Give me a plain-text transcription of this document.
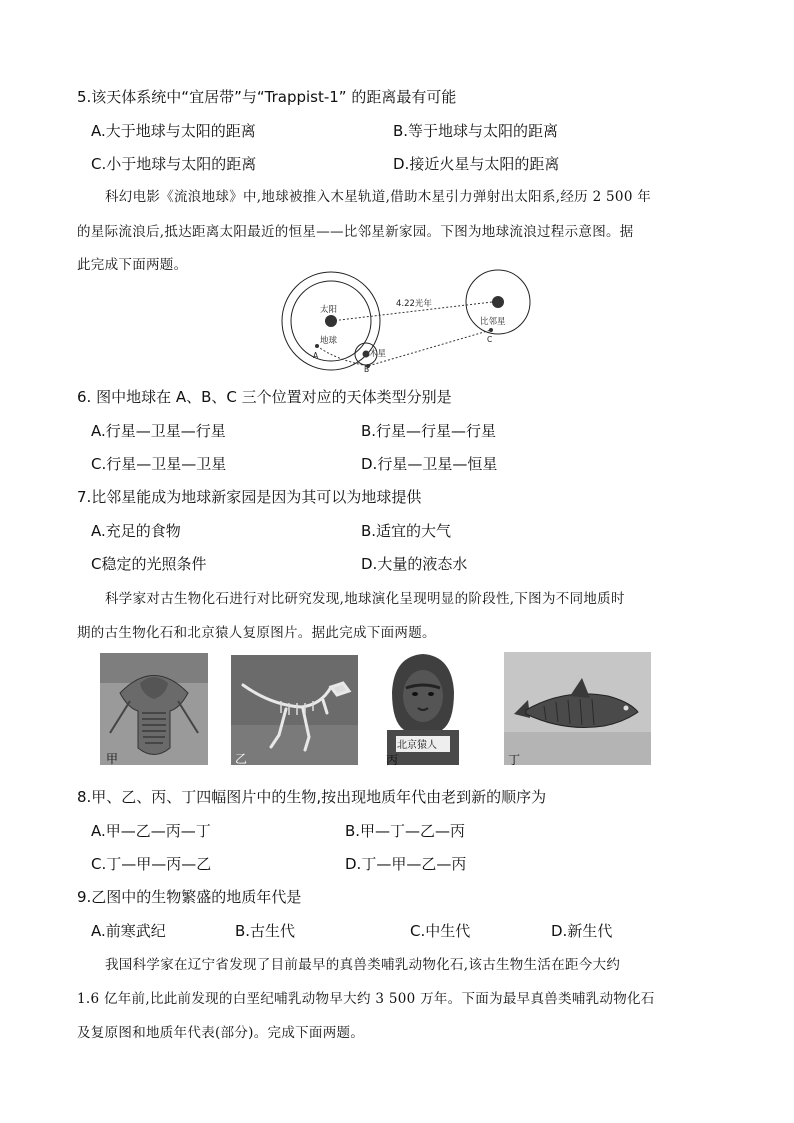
5.该天体系统中“宜居带”与“Trappist-1” 的距离最有可能
A.大于地球与太阳的距离	B.等于地球与太阳的距离
C.小于地球与太阳的距离	D.接近火星与太阳的距离
科幻电影《流浪地球》中,地球被推入木星轨道,借助木星引力弹射出太阳系,经历 2 500 年
的星际流浪后,抵达距离太阳最近的恒星——比邻星新家园。下图为地球流浪过程示意图。据
此完成下面两题。
太阳
地球
木星
比邻星
4.22光年
A
B
C
6. 图中地球在 A、B、C 三个位置对应的天体类型分别是
A.行星—卫星—行星	B.行星—行星—行星
C.行星—卫星—卫星	D.行星—卫星—恒星
7.比邻星能成为地球新家园是因为其可以为地球提供
A.充足的食物	B.适宜的大气
C稳定的光照条件	D.大量的液态水
科学家对古生物化石进行对比研究发现,地球演化呈现明显的阶段性,下图为不同地质时
期的古生物化石和北京猿人复原图片。据此完成下面两题。
甲	乙
北京猿人
丙	丁
8.甲、乙、丙、丁四幅图片中的生物,按出现地质年代由老到新的顺序为
A.甲—乙—丙—丁	B.甲—丁—乙—丙
C.丁—甲—丙—乙	D.丁—甲—乙—丙
9.乙图中的生物繁盛的地质年代是
A.前寒武纪	B.古生代	C.中生代	D.新生代
我国科学家在辽宁省发现了目前最早的真兽类哺乳动物化石,该古生物生活在距今大约
1.6 亿年前,比此前发现的白垩纪哺乳动物早大约 3 500 万年。下面为最早真兽类哺乳动物化石
及复原图和地质年代表(部分)。完成下面两题。
